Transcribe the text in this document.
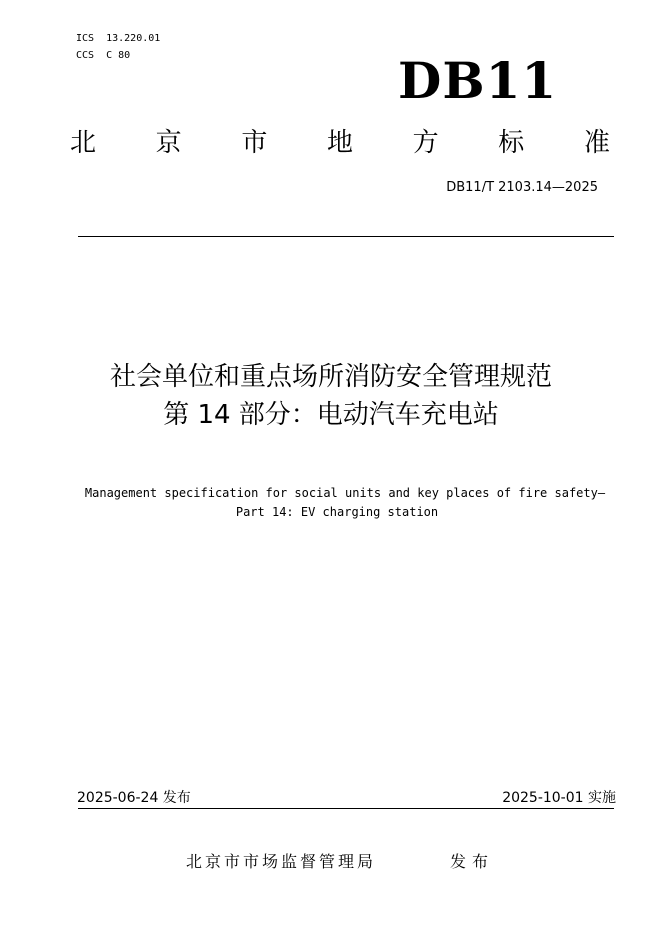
ICS  13.220.01
CCS  C 80	DB11
北 京 市 地 方 标 准
DB11/T 2103.14—2025
社会单位和重点场所消防安全管理规范
第 14 部分：电动汽车充电站
Management specification for social units and key places of fire safety—
Part 14: EV charging station
2025-06-24 发布	2025-10-01 实施
北京市市场监督管理局	发布
